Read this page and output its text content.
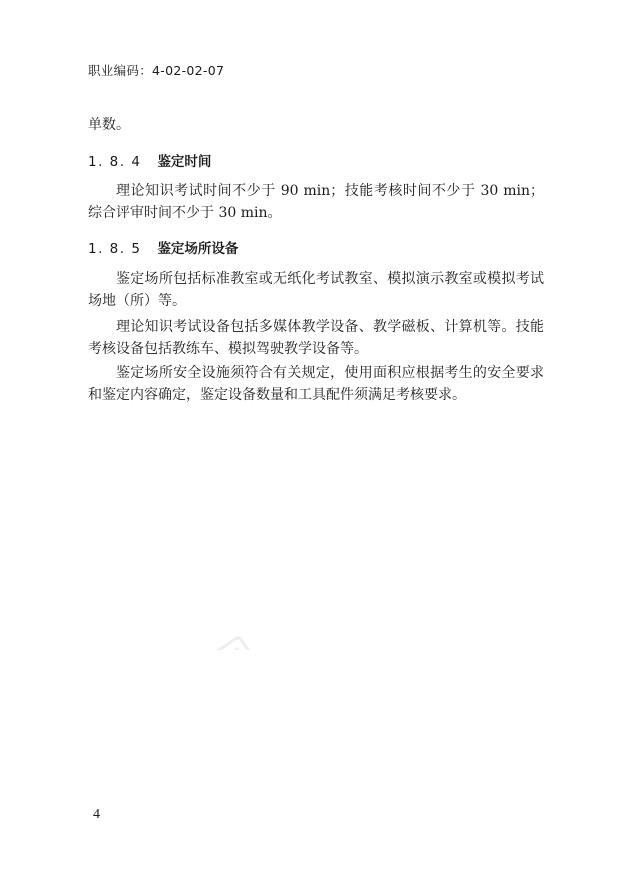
职业编码：4-02-02-07
单数。
1. 8. 4 鉴定时间
理论知识考试时间不少于 90 min；技能考核时间不少于 30 min；综合评审时间不少于 30 min。
1. 8. 5 鉴定场所设备
鉴定场所包括标准教室或无纸化考试教室、模拟演示教室或模拟考试场地（所）等。
理论知识考试设备包括多媒体教学设备、教学磁板、计算机等。技能考核设备包括教练车、模拟驾驶教学设备等。
鉴定场所安全设施须符合有关规定，使用面积应根据考生的安全要求和鉴定内容确定，鉴定设备数量和工具配件须满足考核要求。
4
